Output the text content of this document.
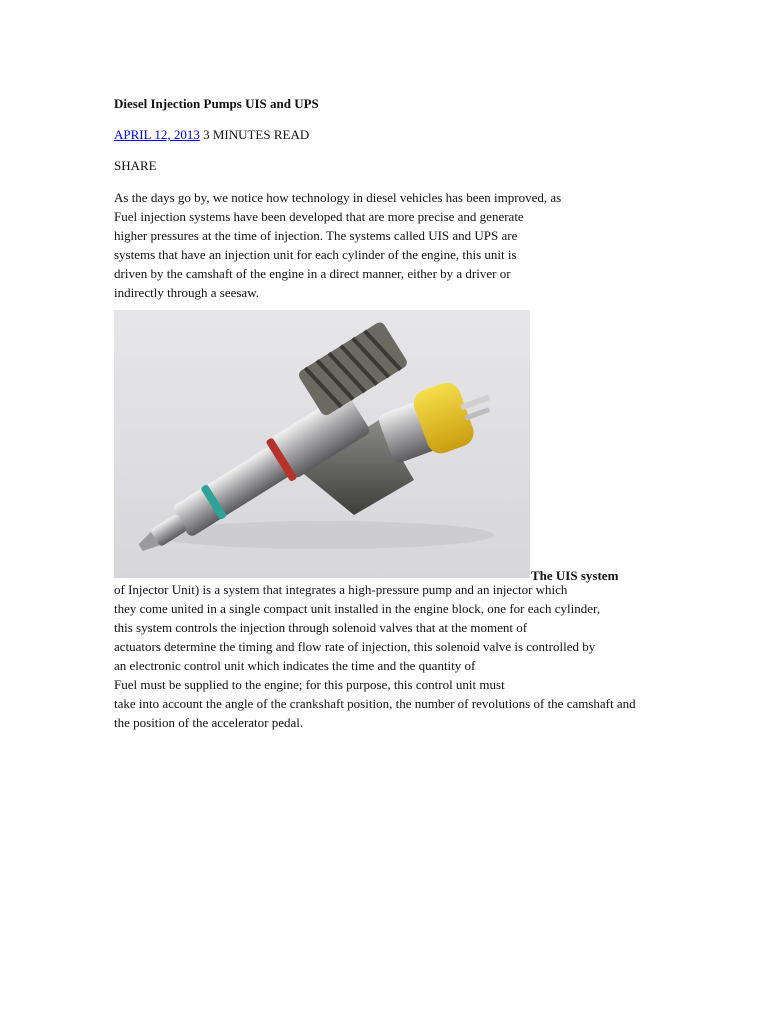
Diesel Injection Pumps UIS and UPS
APRIL 12, 2013 3 MINUTES READ
SHARE
As the days go by, we notice how technology in diesel vehicles has been improved, as
Fuel injection systems have been developed that are more precise and generate
higher pressures at the time of injection. The systems called UIS and UPS are
systems that have an injection unit for each cylinder of the engine, this unit is
driven by the camshaft of the engine in a direct manner, either by a driver or
indirectly through a seesaw.
The UIS system
of Injector Unit) is a system that integrates a high-pressure pump and an injector which
they come united in a single compact unit installed in the engine block, one for each cylinder,
this system controls the injection through solenoid valves that at the moment of
actuators determine the timing and flow rate of injection, this solenoid valve is controlled by
an electronic control unit which indicates the time and the quantity of
Fuel must be supplied to the engine; for this purpose, this control unit must
take into account the angle of the crankshaft position, the number of revolutions of the camshaft and
the position of the accelerator pedal.
